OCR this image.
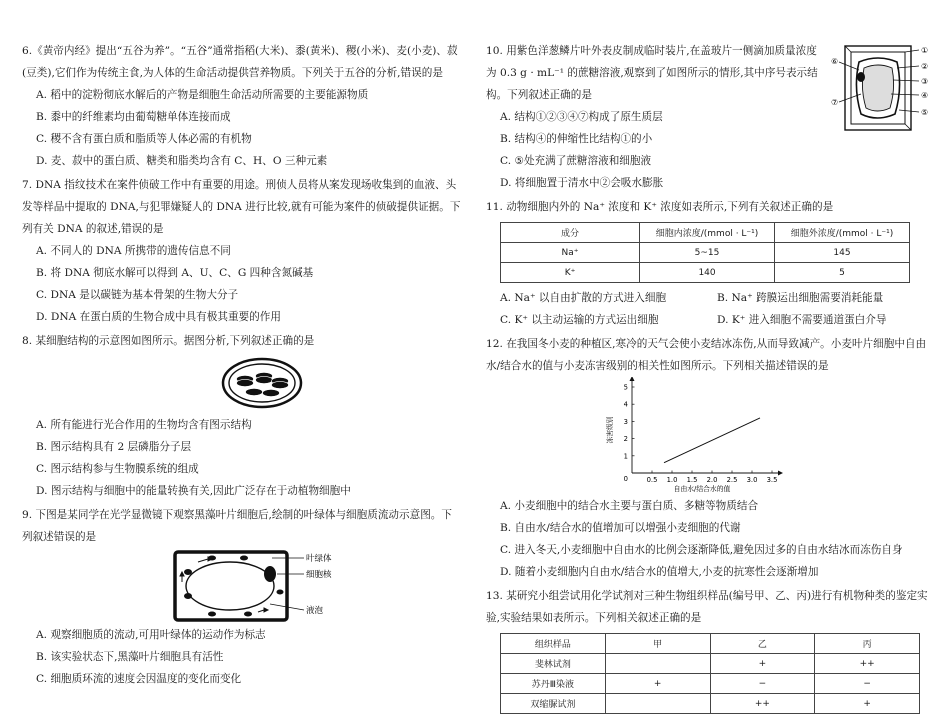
6.《黄帝内经》提出“五谷为养”。“五谷”通常指稻(大米)、黍(黄米)、稷(小米)、麦(小麦)、菽(豆类),它们作为传统主食,为人体的生命活动提供营养物质。下列关于五谷的分析,错误的是
A. 稻中的淀粉彻底水解后的产物是细胞生命活动所需要的主要能源物质
B. 黍中的纤维素均由葡萄糖单体连接而成
C. 稷不含有蛋白质和脂质等人体必需的有机物
D. 麦、菽中的蛋白质、糖类和脂类均含有 C、H、O 三种元素
7. DNA 指纹技术在案件侦破工作中有重要的用途。刑侦人员将从案发现场收集到的血液、头发等样品中提取的 DNA,与犯罪嫌疑人的 DNA 进行比较,就有可能为案件的侦破提供证据。下列有关 DNA 的叙述,错误的是
A. 不同人的 DNA 所携带的遗传信息不同
B. 将 DNA 彻底水解可以得到 A、U、C、G 四种含氮碱基
C. DNA 是以碳链为基本骨架的生物大分子
D. DNA 在蛋白质的生物合成中具有极其重要的作用
8. 某细胞结构的示意图如图所示。据图分析,下列叙述正确的是
A. 所有能进行光合作用的生物均含有图示结构
B. 图示结构具有 2 层磷脂分子层
C. 图示结构参与生物膜系统的组成
D. 图示结构与细胞中的能量转换有关,因此广泛存在于动植物细胞中
9. 下图是某同学在光学显微镜下观察黑藻叶片细胞后,绘制的叶绿体与细胞质流动示意图。下列叙述错误的是
叶绿体
细胞核
液泡
A. 观察细胞质的流动,可用叶绿体的运动作为标志
B. 该实验状态下,黑藻叶片细胞具有活性
C. 细胞质环流的速度会因温度的变化而变化
10. 用紫色洋葱鳞片叶外表皮制成临时装片,在盖玻片一侧滴加质量浓度为 0.3 g · mL⁻¹ 的蔗糖溶液,观察到了如图所示的情形,其中序号表示结构。下列叙述正确的是
A. 结构①②③④⑦构成了原生质层
B. 结构④的伸缩性比结构①的小
C. ⑤处充满了蔗糖溶液和细胞液
D. 将细胞置于清水中②会吸水膨胀
⑥
①
②
③
④
⑦
⑤
11. 动物细胞内外的 Na⁺ 浓度和 K⁺ 浓度如表所示,下列有关叙述正确的是
成分	细胞内浓度/(mmol · L⁻¹)	细胞外浓度/(mmol · L⁻¹)
Na⁺	5~15	145
K⁺	140	5
A. Na⁺ 以自由扩散的方式进入细胞	B. Na⁺ 跨膜运出细胞需要消耗能量
C. K⁺ 以主动运输的方式运出细胞	D. K⁺ 进入细胞不需要通道蛋白介导
12. 在我国冬小麦的种植区,寒冷的天气会使小麦结冰冻伤,从而导致减产。小麦叶片细胞中自由水/结合水的值与小麦冻害级别的相关性如图所示。下列相关描述错误的是
0.5 1.0 1.5 2.0 2.5 3.0 3.5
1
2
3
4
5
0
自由水/结合水的值
冻害级别
A. 小麦细胞中的结合水主要与蛋白质、多糖等物质结合
B. 自由水/结合水的值增加可以增强小麦细胞的代谢
C. 进入冬天,小麦细胞中自由水的比例会逐渐降低,避免因过多的自由水结冰而冻伤自身
D. 随着小麦细胞内自由水/结合水的值增大,小麦的抗寒性会逐渐增加
13. 某研究小组尝试用化学试剂对三种生物组织样品(编号甲、乙、丙)进行有机物种类的鉴定实验,实验结果如表所示。下列相关叙述正确的是
组织样品	甲	乙	丙
斐林试剂		+	++
苏丹Ⅲ染液	+	−	−
双缩脲试剂		++	+
